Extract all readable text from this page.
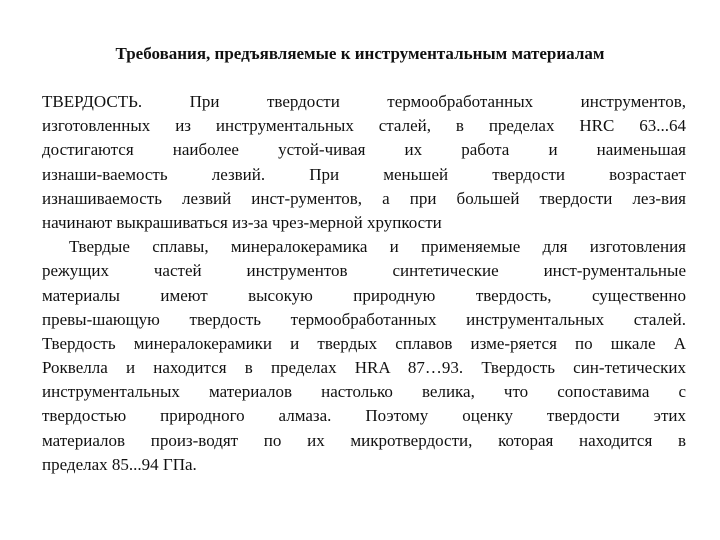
Требования, предъявляемые к инструментальным материалам
ТВЕРДОСТЬ. При твердости термообработанных инструментов,
изготовленных из инструментальных сталей, в пределах HRC 63...64
достигаются наиболее устой-чивая их работа и наименьшая
изнаши-ваемость лезвий. При меньшей твердости возрастает
изнашиваемость лезвий инст-рументов, а при большей твердости лез-вия
начинают выкрашиваться из-за чрез-мерной хрупкости
Твердые сплавы, минералокерамика и применяемые для изготовления
режущих частей инструментов синтетические инст-рументальные
материалы имеют высокую природную твердость, существенно
превы-шающую твердость термообработанных инструментальных сталей.
Твердость минералокерамики и твердых сплавов изме-ряется по шкале А
Роквелла и находится в пределах HRA 87…93. Твердость син-тетических
инструментальных материалов настолько велика, что сопоставима с
твердостью природного алмаза. Поэтому оценку твердости этих
материалов произ-водят по их микротвердости, которая находится в
пределах 85...94 ГПа.
